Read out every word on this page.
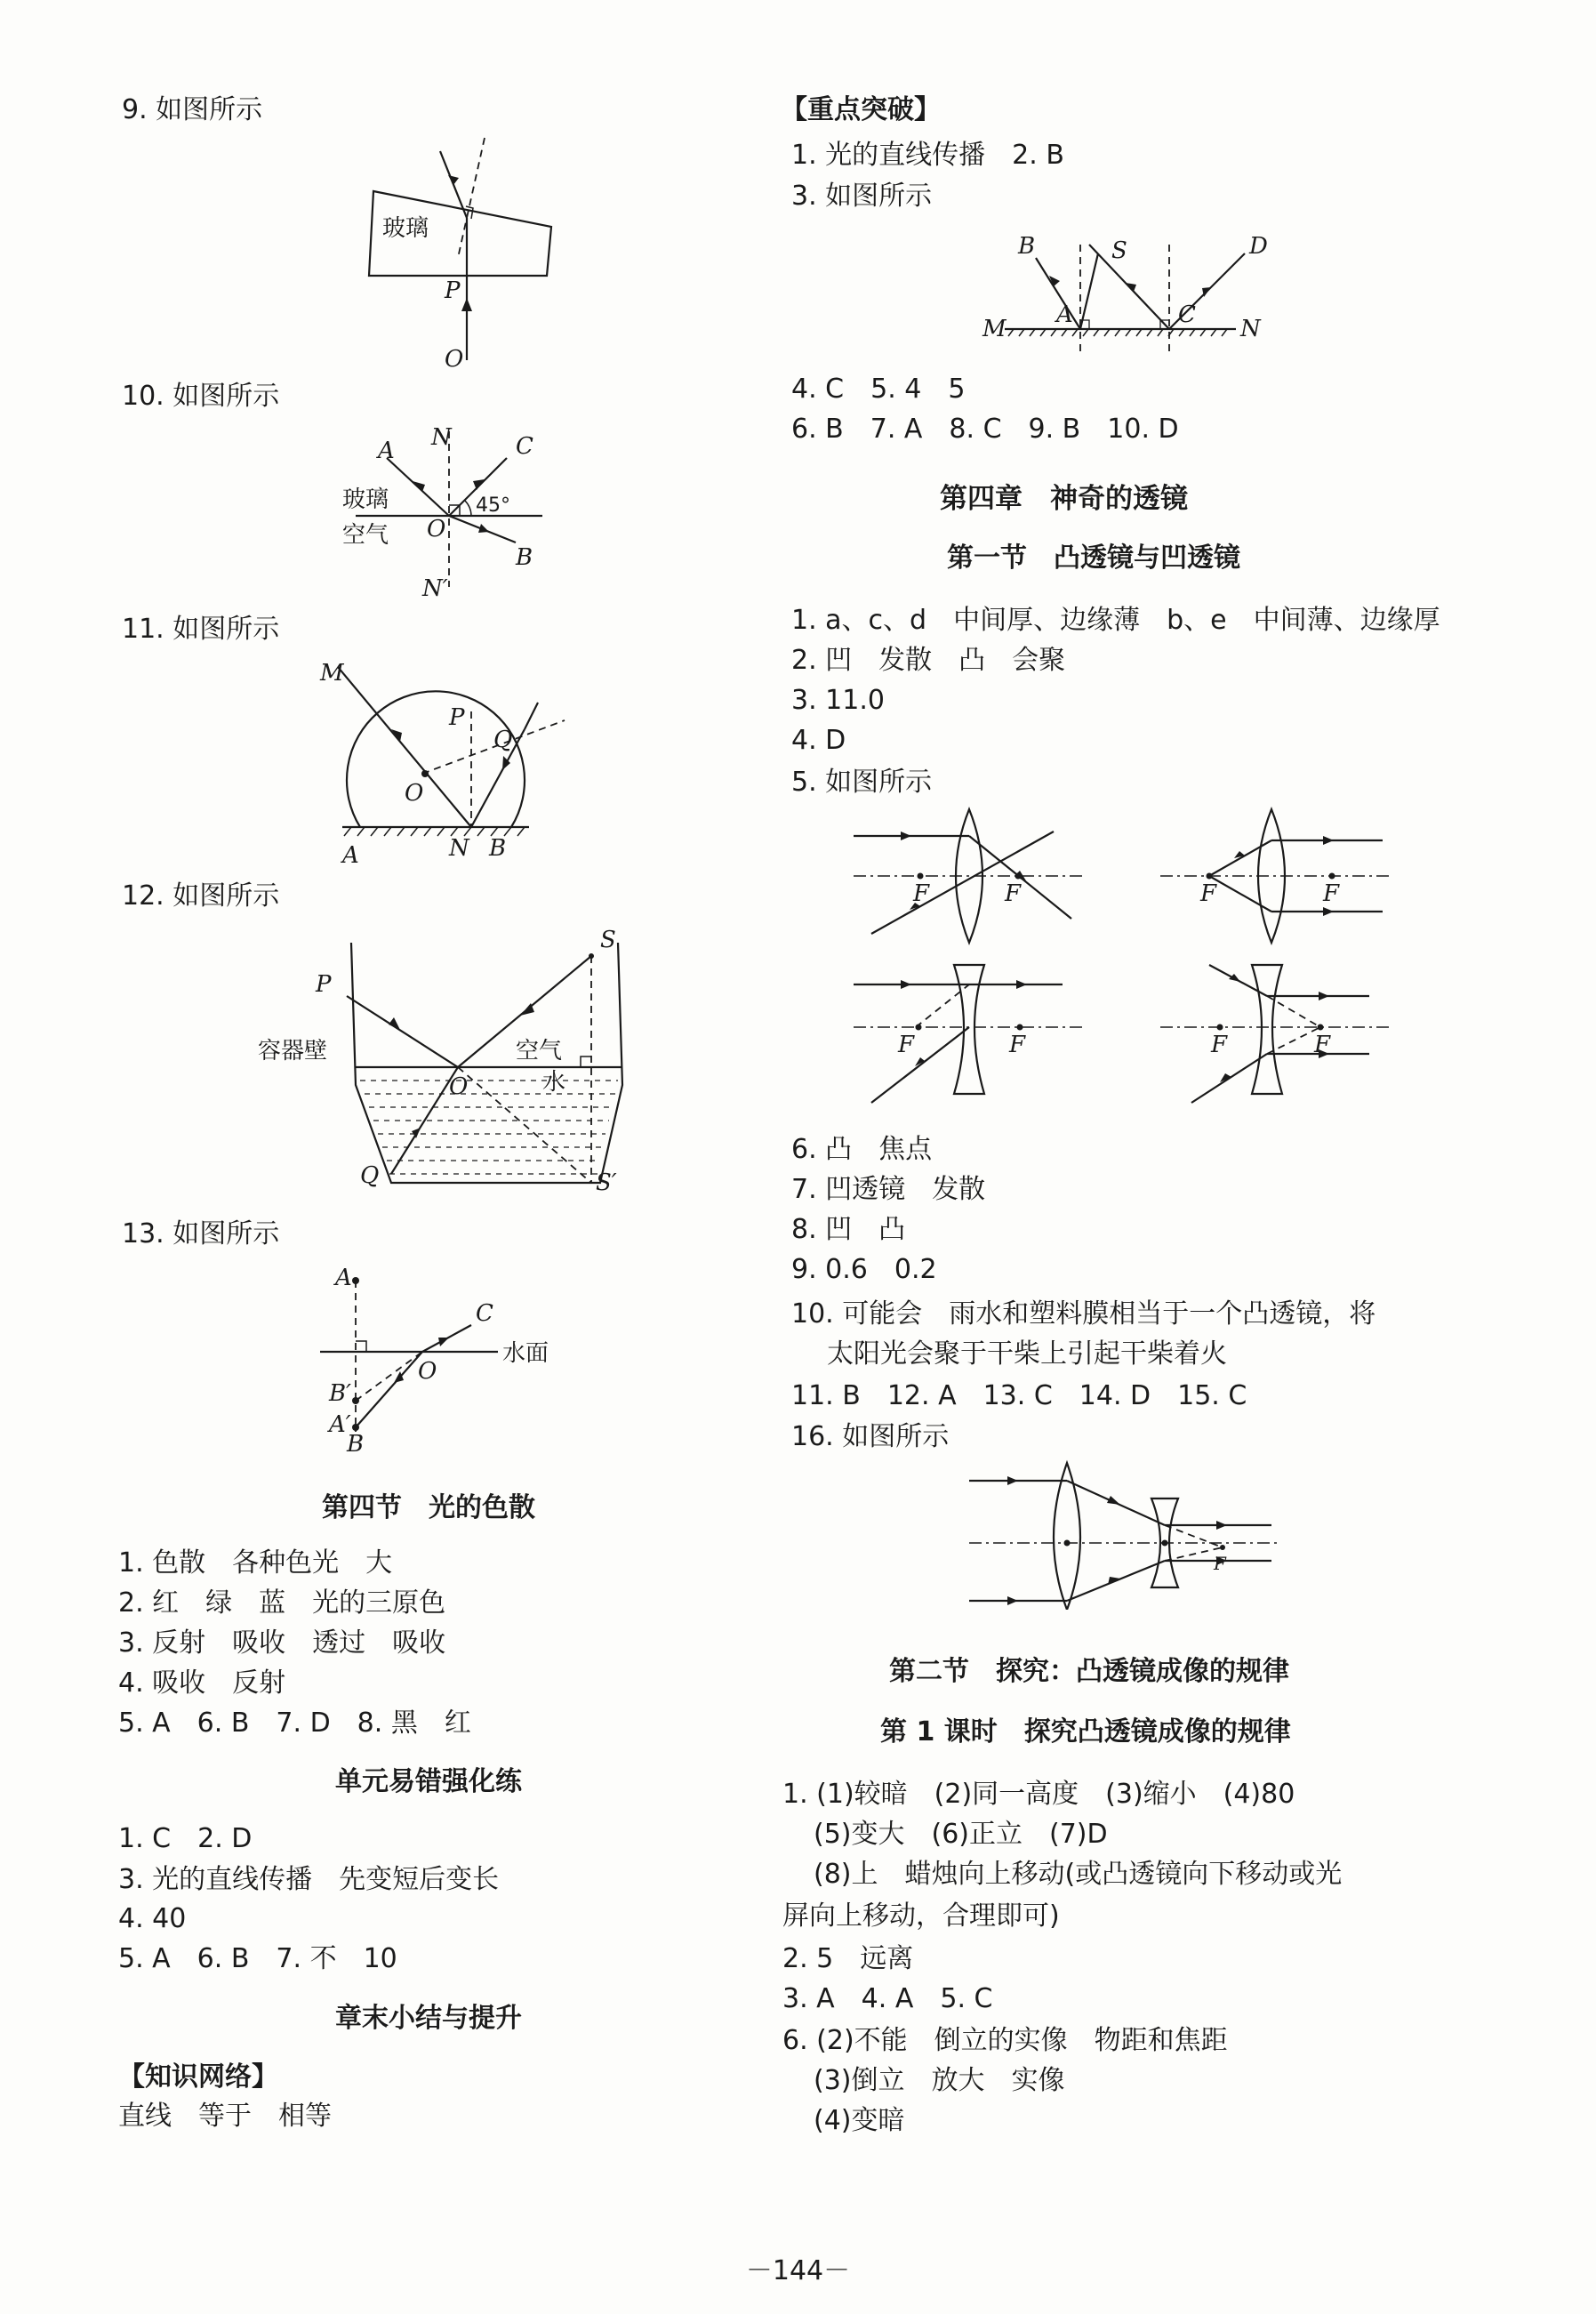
9. 如图所示
玻璃
P
O
10. 如图所示
A N	C
玻璃
空气 O
45°
B
N′
11. 如图所示
M
P
Q
O
A	N B
12. 如图所示
S
P
容器壁	空气
水
O
Q	S′
13. 如图所示
A
C
水面
O
B′
A′
B
第四节　光的色散
1. 色散　各种色光　大
2. 红　绿　蓝　光的三原色
3. 反射　吸收　透过　吸收
4. 吸收　反射
5. A　6. B　7. D　8. 黑　红
单元易错强化练
1. C　2. D
3. 光的直线传播　先变短后变长
4. 40
5. A　6. B　7. 不　10
章末小结与提升
【知识网络】
直线　等于　相等
【重点突破】
1. 光的直线传播　2. B
3. 如图所示
B	S	D
M
A	C
N
4. C　5. 4　5
6. B　7. A　8. C　9. B　10. D
第四章　神奇的透镜
第一节　凸透镜与凹透镜
1. a、c、d　中间厚、边缘薄　b、e　中间薄、边缘厚
2. 凹　发散　凸　会聚
3. 11.0
4. D
5. 如图所示
F	F	F	F
F	F	F	F
6. 凸　焦点
7. 凹透镜　发散
8. 凹　凸
9. 0.6　0.2
10. 可能会　雨水和塑料膜相当于一个凸透镜，将
太阳光会聚于干柴上引起干柴着火
11. B　12. A　13. C　14. D　15. C
16. 如图所示
F
第二节　探究：凸透镜成像的规律
第 1 课时　探究凸透镜成像的规律
1. (1)较暗　(2)同一高度　(3)缩小　(4)80
(5)变大　(6)正立　(7)D
(8)上　蜡烛向上移动(或凸透镜向下移动或光
屏向上移动，合理即可)
2. 5　远离
3. A　4. A　5. C
6. (2)不能　倒立的实像　物距和焦距
(3)倒立　放大　实像
(4)变暗
－144－
